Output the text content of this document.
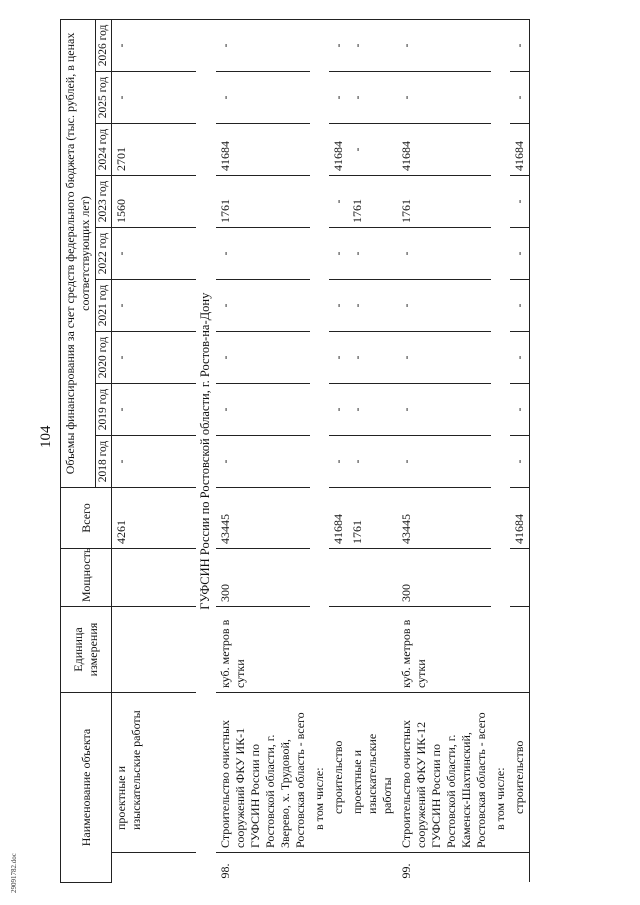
104
29091782.doc
Наименование объекта		Единица измерения	Мощность	Всего	Объемы финансирования за счет средств федерального бюджета (тыс. рублей, в ценах соответствующих лет)								
					2018 год	2019 год	2020 год	2021 год	2022 год	2023 год	2024 год	2025 год	2026 год
	проектные и изыскательские работы			4261	-	-	-	-	-	1560	2701	-	-
ГУФСИН России по Ростовской области, г. Ростов-на-Дону													
98.	Строительство очистных сооружений ФКУ ИК-1 ГУФСИН России по Ростовской области, г. Зверево, х. Трудовой, Ростовская область - всего	куб. метров в сутки	300	43445	-	-	-	-	-	1761	41684	-	-
	в том числе:												
	строительство			41684	-	-	-	-	-	-	41684	-	-
	проектные и изыскательские работы			1761	-	-	-	-	-	1761	-	-	-
99.	Строительство очистных сооружений ФКУ ИК-12 ГУФСИН России по Ростовской области, г. Каменск-Шахтинский, Ростовская область - всего	куб. метров в сутки	300	43445	-	-	-	-	-	1761	41684	-	-
	в том числе:												
	строительство			41684	-	-	-	-	-	-	41684	-	-
